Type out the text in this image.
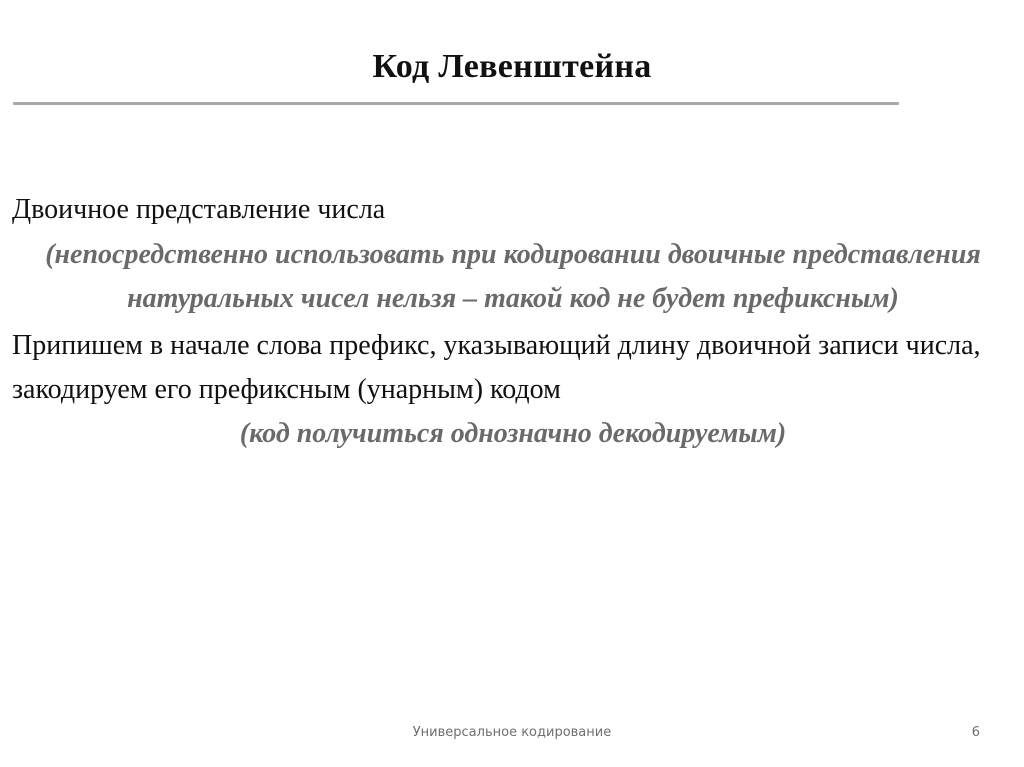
Код Левенштейна

Двоичное представление числа

(непосредственно использовать при кодировании двоичные представления натуральных чисел нельзя – такой код не будет префиксным)

Припишем в начале слова префикс, указывающий длину двоичной записи числа, закодируем его префиксным (унарным) кодом

(код получиться однозначно декодируемым)

Универсальное кодирование	6
